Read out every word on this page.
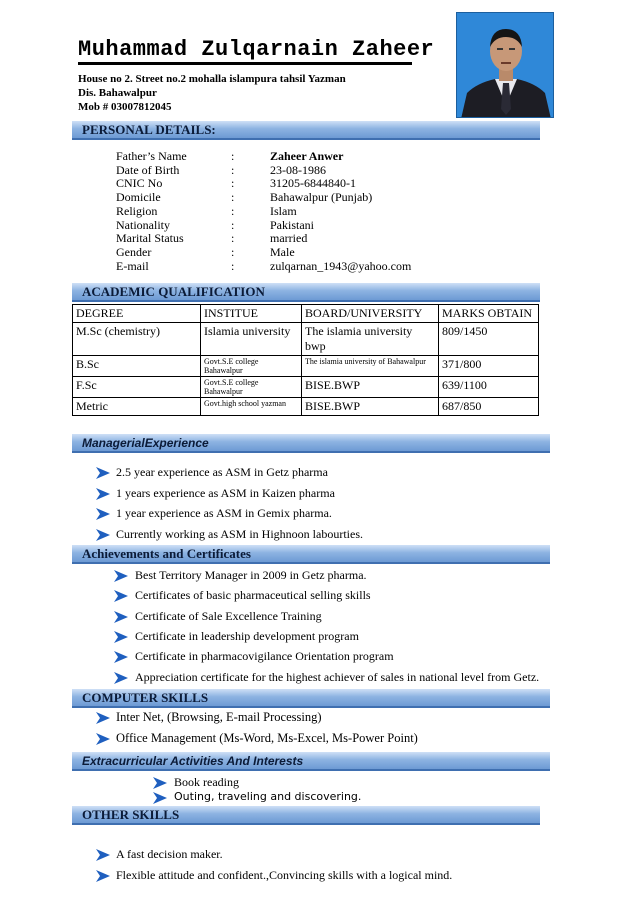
Muhammad Zulqarnain Zaheer
House no 2. Street no.2 mohalla islampura tahsil Yazman
Dis. Bahawalpur
Mob # 03007812045
PERSONAL DETAILS:
Father’s Name	:	Zaheer Anwer
Date of Birth	:	23-08-1986
CNIC No	:	31205-6844840-1
Domicile	:	Bahawalpur (Punjab)
Religion	:	Islam
Nationality	:	Pakistani
Marital Status	:	married
Gender	:	Male
E-mail	:	zulqarnan_1943@yahoo.com
ACADEMIC QUALIFICATION
DEGREE	INSTITUE	BOARD/UNIVERSITY	MARKS OBTAIN
M.Sc (chemistry)	Islamia university	The islamia university bwp	809/1450
B.Sc	Govt.S.E college Bahawalpur	The islamia university of Bahawalpur	371/800
F.Sc	Govt.S.E college Bahawalpur	BISE.BWP	639/1100
Metric	Govt.high school yazman	BISE.BWP	687/850
ManagerialExperience
2.5 year experience as ASM in Getz pharma
1 years experience as ASM in Kaizen pharma
1 year experience as ASM in Gemix pharma.
Currently working as ASM in Highnoon labourties.
Achievements and Certificates
Best Territory Manager in 2009 in Getz pharma.
Certificates of basic pharmaceutical selling skills
Certificate of Sale Excellence Training
Certificate in leadership development program
Certificate in pharmacovigilance Orientation program
Appreciation certificate for the highest achiever of sales in national level from Getz.
COMPUTER SKILLS
Inter Net, (Browsing, E-mail Processing)
Office Management (Ms-Word, Ms-Excel, Ms-Power Point)
Extracurricular Activities And Interests
Book reading
Outing, traveling and discovering.
OTHER SKILLS
A fast decision maker.
Flexible attitude and confident.,Convincing skills with a logical mind.
